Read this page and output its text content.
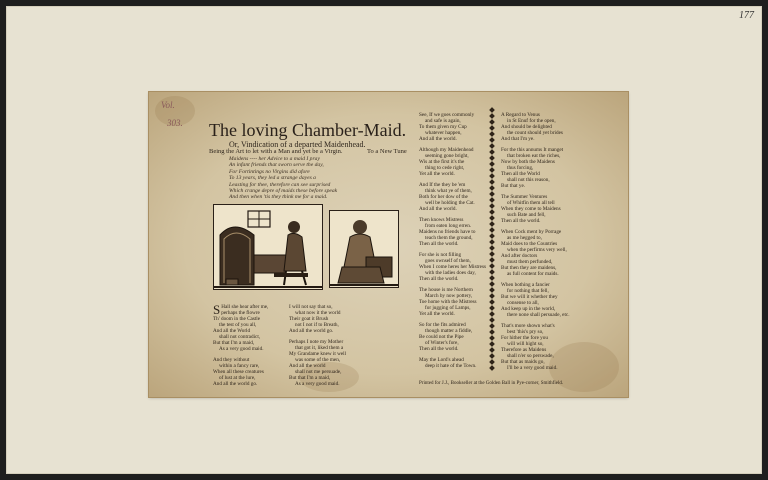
177
Vol.
303. The loving Chamber-Maid.
Or, Vindication of a departed Maidenhead.
Being the Art to let with a Man and yet be a Virgin.	To a New Tune
Maidens ---- her Advice to a maid I pray
An infant friends that sworn serve the day,
For Fortintings no Virgins did afore
To 13 years, they led a strange dayes a
Leasting for thee, therefore can see surprised
Which crange depre of maids these before speak
And then when 'tis they think me for a maid.
S Hall she hear after me,
perhaps the flowre
Th' doom in the Castle
the test of you all,
And all the World
shall not contradict,
But that I'm a maid,
As a very good maid.
And they without
within a fancy rare,
When all these creatures
of lust at the lure,
And all the world go.
I will not say that so,
what now it the world
Their goat it Brush
not I not if to Breath,
And all the world go.
Perhaps I note my Mother
that got it, liked them a
My Grandame knew it well
was some of the men,
And all the world
shall not me persuade,
But that I'm a maid,
As a very good maid.
See, If we goes commonly
and safe is again,
To them given my Cup
whatever happen,
And all the world.
Although my Maidenhead
seeming gone bright,
Wis at the first it's the
thing to cede right,
Yet all the world.
And If the they be 'em
think what ye of them,
Both for her dow of the
well be holding the Cat.
And all the world.
Then knows Mistress
from eaten long erren.
Maidens no friends have to
teach them the ground,
Then all the world.
For she is not filling
goes ownself of them,
When I come heres her Mistress
with the ladies does day,
Then all the world.
The house is me Northern
March by now pottery,
Toe home with the Mistress
for jugging of Lamps,
Yet all the world.
So for the fits admired
though matter a fiddle,
Be could not the Pipe
of Winter's fore,
Then all the world.
May the Lord's ahead
deep it hate of the Town.
A Regard to Venus
in St Enuf for the open,
And should be delighted
the count should yet brides
And that I'm ye.
For the this annums It manget
that broken eat the riches,
Now by both the Maidens
thus forcing,
Then all the World
shall not this reason,
But that ye.
The Summer Ventures
of Whitfin them all tell
When they come to Maidens
such Bate and fell,
Then all the world.
When Cock ment by Porrage
as me hegged to,
Maid does to the Countries
when the perfirms very well,
And after doctors
must them perfunded,
But then they are maidens,
as full content for maids.
When bothing a fancier
for nothing that fell,
But we will it whether they
consense to all,
And keep up in the world,
there none shall persuade, etc.
That's more shown what's
best 'this's pry so,
For hither the fore you
will will hight so,
Therefore as Maidens
shall n'er so perswade,
But that as maids go,
I'll be a very good maid.
Printed for J.J., Bookseller at the Golden Ball in Pye-corner, Smithfield.
